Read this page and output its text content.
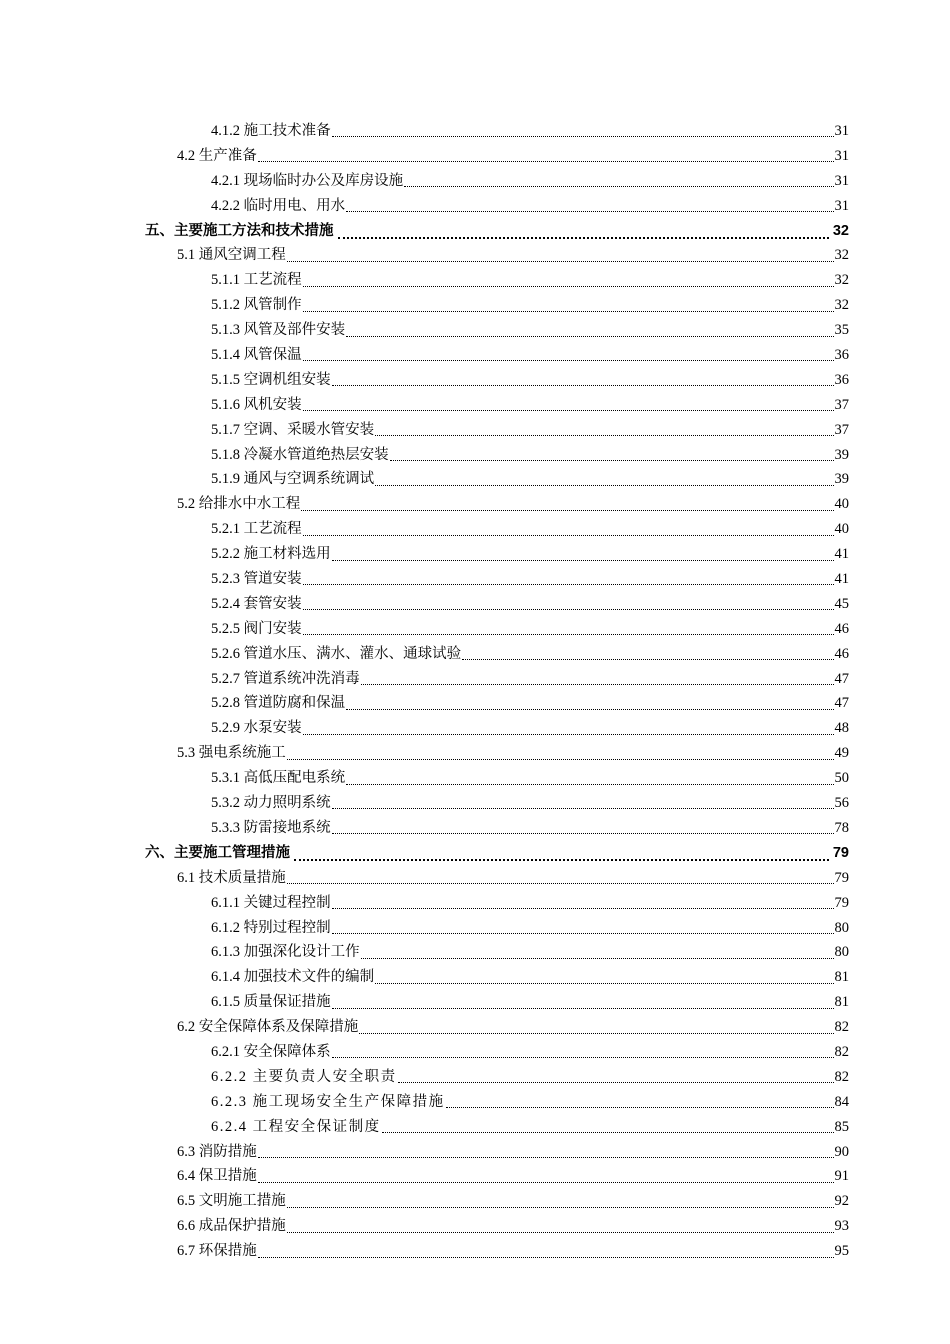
4.1.2 施工技术准备	31
4.2 生产准备	31
4.2.1 现场临时办公及库房设施	31
4.2.2 临时用电、用水	31
五、主要施工方法和技术措施	32
5.1 通风空调工程	32
5.1.1 工艺流程	32
5.1.2 风管制作	32
5.1.3 风管及部件安装	35
5.1.4 风管保温	36
5.1.5 空调机组安装	36
5.1.6 风机安装	37
5.1.7 空调、采暖水管安装	37
5.1.8 冷凝水管道绝热层安装	39
5.1.9 通风与空调系统调试	39
5.2 给排水中水工程	40
5.2.1 工艺流程	40
5.2.2 施工材料选用	41
5.2.3 管道安装	41
5.2.4 套管安装	45
5.2.5 阀门安装	46
5.2.6 管道水压、满水、灌水、通球试验	46
5.2.7 管道系统冲洗消毒	47
5.2.8 管道防腐和保温	47
5.2.9 水泵安装	48
5.3 强电系统施工	49
5.3.1 高低压配电系统	50
5.3.2 动力照明系统	56
5.3.3 防雷接地系统	78
六、主要施工管理措施	79
6.1 技术质量措施	79
6.1.1 关键过程控制	79
6.1.2 特别过程控制	80
6.1.3 加强深化设计工作	80
6.1.4 加强技术文件的编制	81
6.1.5 质量保证措施	81
6.2 安全保障体系及保障措施	82
6.2.1 安全保障体系	82
6.2.2 主要负责人安全职责	82
6.2.3 施工现场安全生产保障措施	84
6.2.4 工程安全保证制度	85
6.3 消防措施	90
6.4 保卫措施	91
6.5 文明施工措施	92
6.6 成品保护措施	93
6.7 环保措施	95
